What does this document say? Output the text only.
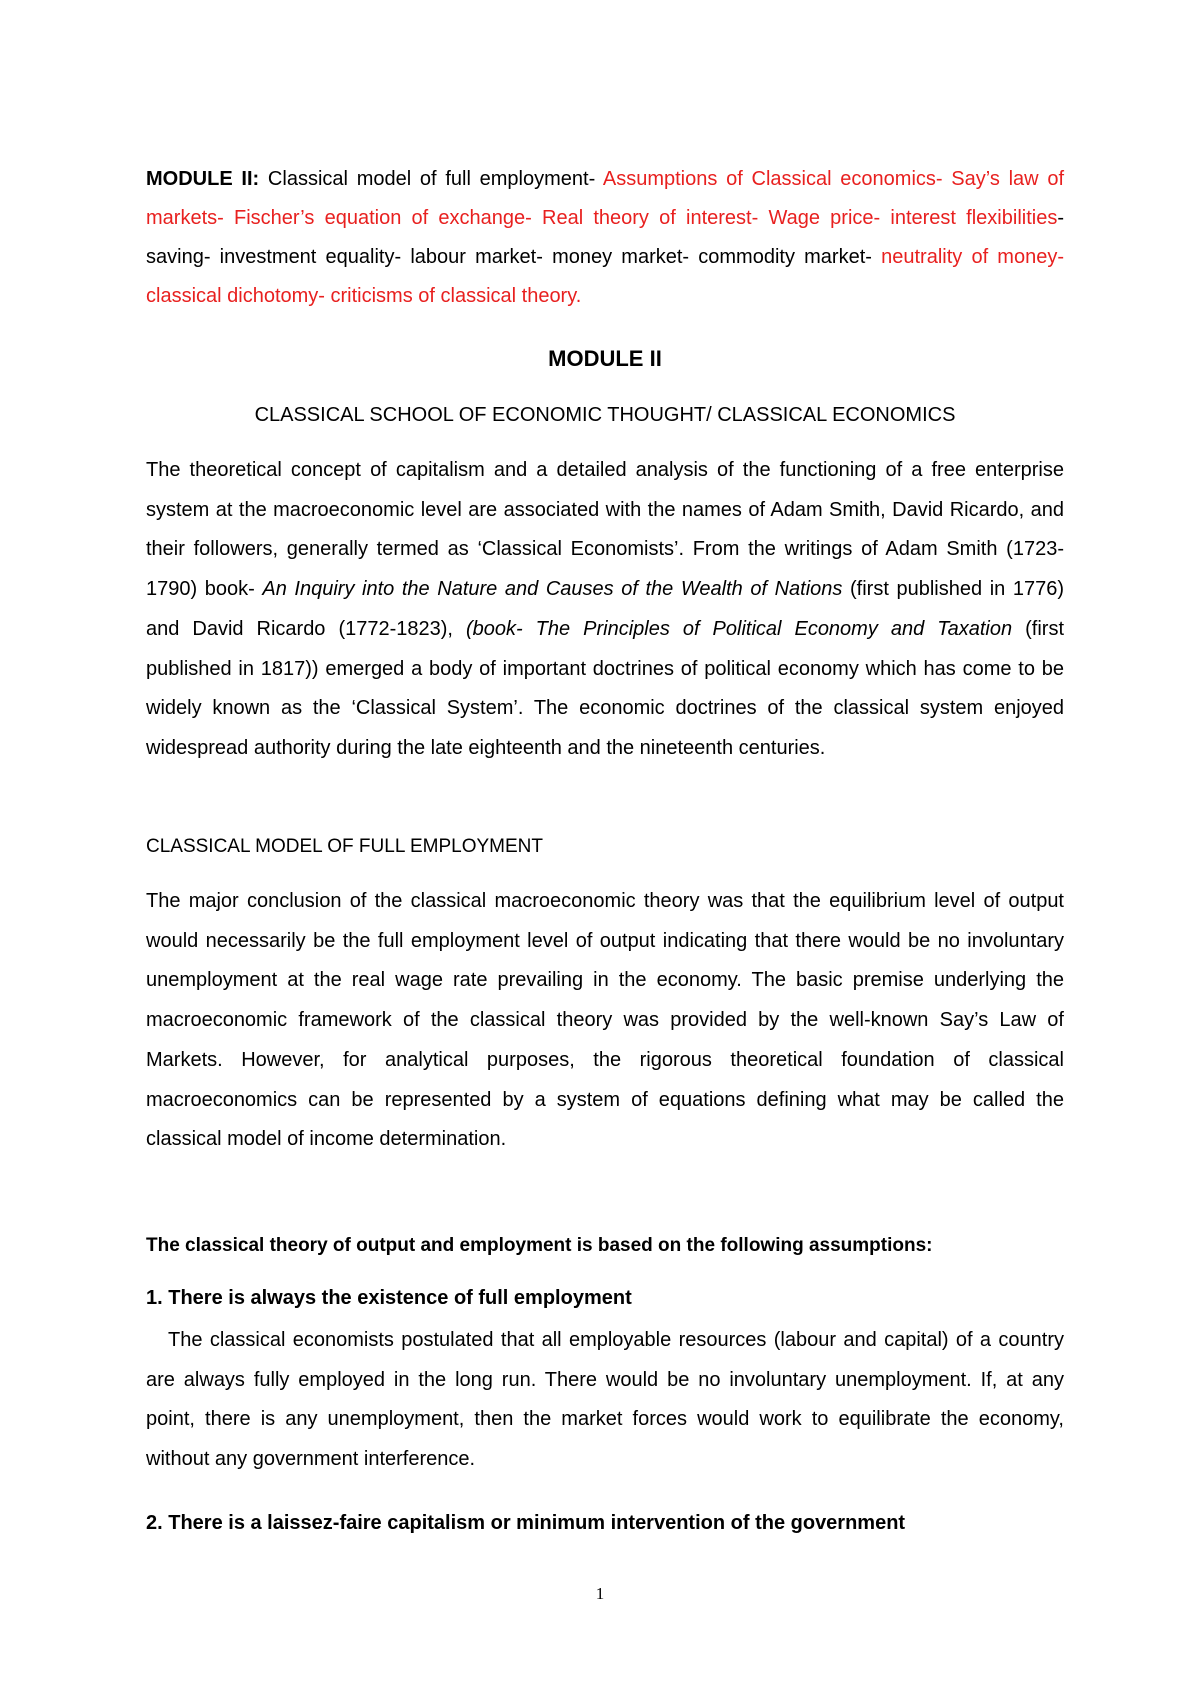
MODULE II: Classical model of full employment- Assumptions of Classical economics- Say’s law of markets- Fischer’s equation of exchange- Real theory of interest- Wage price- interest flexibilities- saving- investment equality- labour market- money market- commodity market- neutrality of money- classical dichotomy- criticisms of classical theory.

MODULE II
CLASSICAL SCHOOL OF ECONOMIC THOUGHT/ CLASSICAL ECONOMICS

The theoretical concept of capitalism and a detailed analysis of the functioning of a free enterprise system at the macroeconomic level are associated with the names of Adam Smith, David Ricardo, and their followers, generally termed as ‘Classical Economists’. From the writings of Adam Smith (1723- 1790) book- An Inquiry into the Nature and Causes of the Wealth of Nations (first published in 1776) and David Ricardo (1772-1823), (book- The Principles of Political Economy and Taxation (first published in 1817)) emerged a body of important doctrines of political economy which has come to be widely known as the ‘Classical System’. The economic doctrines of the classical system enjoyed widespread authority during the late eighteenth and the nineteenth centuries.

CLASSICAL MODEL OF FULL EMPLOYMENT

The major conclusion of the classical macroeconomic theory was that the equilibrium level of output would necessarily be the full employment level of output indicating that there would be no involuntary unemployment at the real wage rate prevailing in the economy. The basic premise underlying the macroeconomic framework of the classical theory was provided by the well-known Say’s Law of Markets. However, for analytical purposes, the rigorous theoretical foundation of classical macroeconomics can be represented by a system of equations defining what may be called the classical model of income determination.

The classical theory of output and employment is based on the following assumptions:
1. There is always the existence of full employment

The classical economists postulated that all employable resources (labour and capital) of a country are always fully employed in the long run. There would be no involuntary unemployment. If, at any point, there is any unemployment, then the market forces would work to equilibrate the economy, without any government interference.

2. There is a laissez-faire capitalism or minimum intervention of the government
1
